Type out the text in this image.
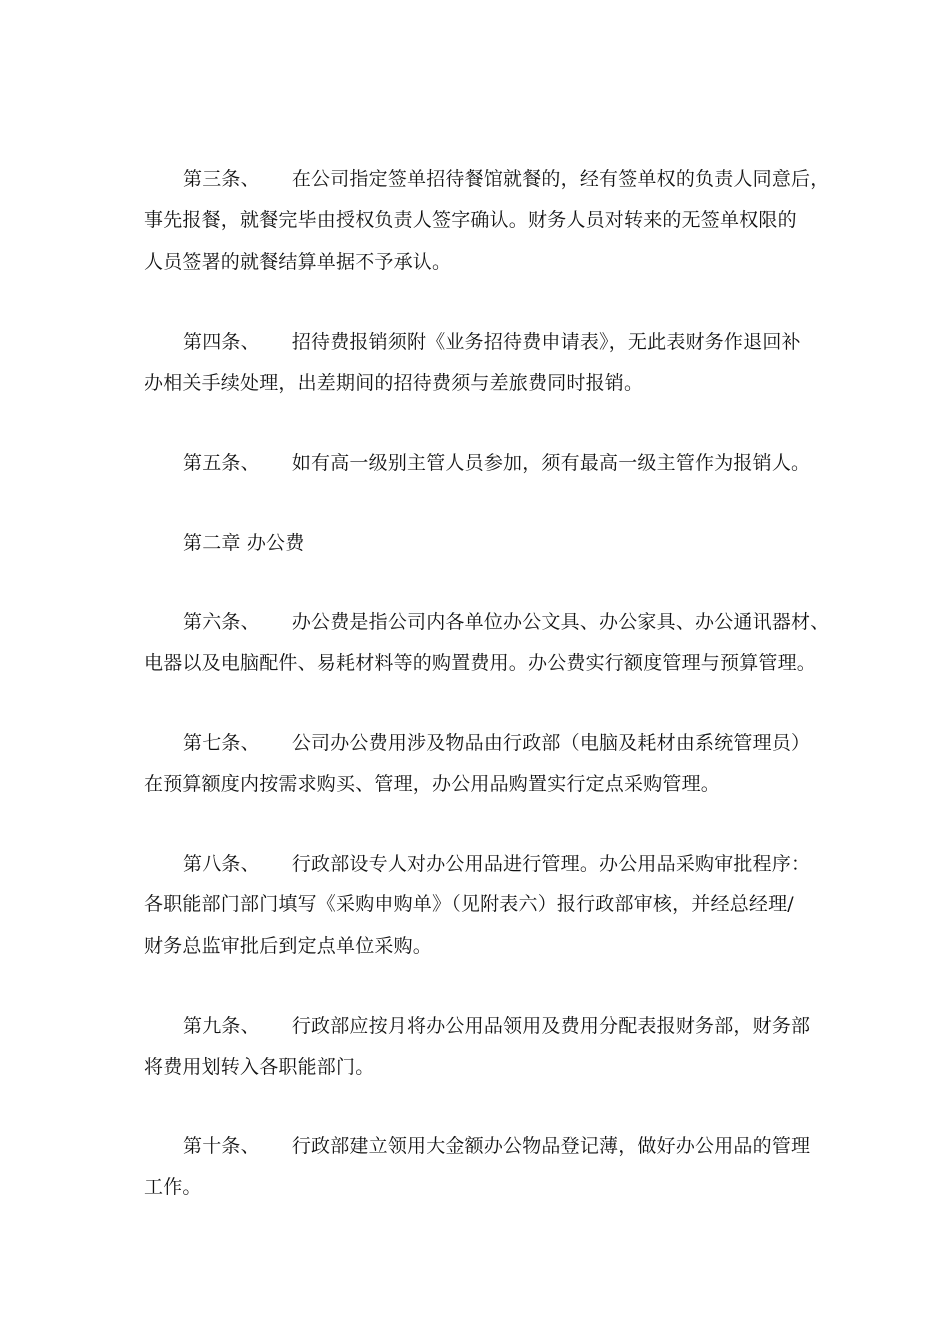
第三条、 在公司指定签单招待餐馆就餐的，经有签单权的负责人同意后，
事先报餐，就餐完毕由授权负责人签字确认。财务人员对转来的无签单权限的
人员签署的就餐结算单据不予承认。
第四条、 招待费报销须附《业务招待费申请表》，无此表财务作退回补
办相关手续处理，出差期间的招待费须与差旅费同时报销。
第五条、 如有高一级别主管人员参加，须有最高一级主管作为报销人。
第二章 办公费
第六条、 办公费是指公司内各单位办公文具、办公家具、办公通讯器材、
电器以及电脑配件、易耗材料等的购置费用。办公费实行额度管理与预算管理。
第七条、 公司办公费用涉及物品由行政部（电脑及耗材由系统管理员）
在预算额度内按需求购买、管理，办公用品购置实行定点采购管理。
第八条、 行政部设专人对办公用品进行管理。办公用品采购审批程序：
各职能部门部门填写《采购申购单》（见附表六）报行政部审核，并经总经理/
财务总监审批后到定点单位采购。
第九条、 行政部应按月将办公用品领用及费用分配表报财务部，财务部
将费用划转入各职能部门。
第十条、 行政部建立领用大金额办公物品登记薄，做好办公用品的管理
工作。
